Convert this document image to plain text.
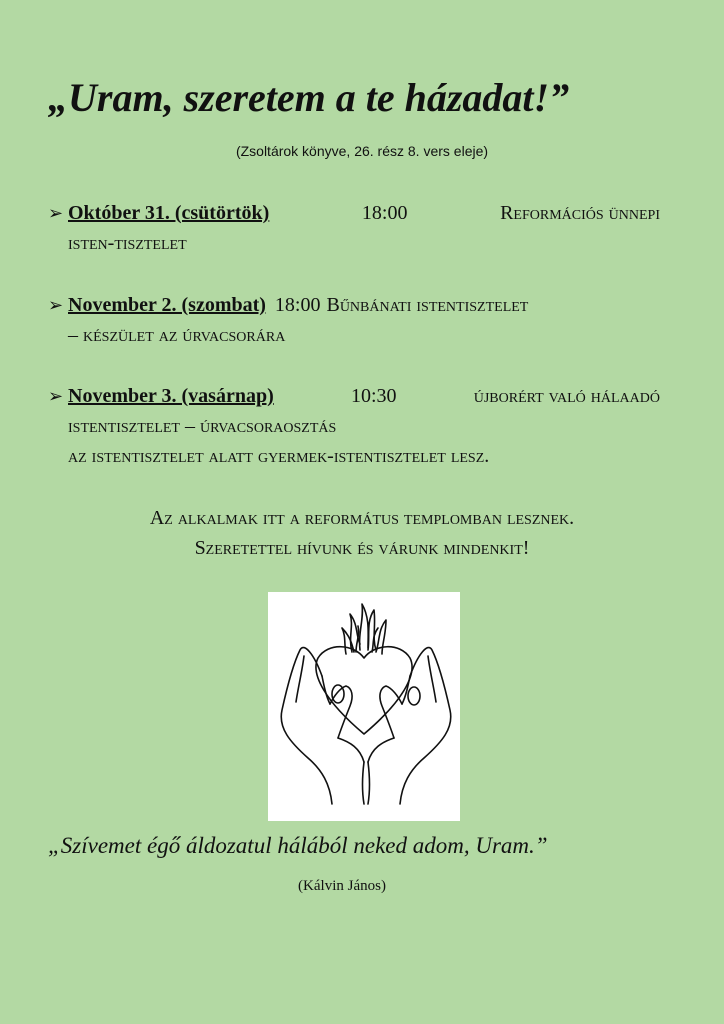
„Uram, szeretem a te házadat!”
(Zsoltárok könyve, 26. rész 8. vers eleje)
➢ Október 31. (csütörtök)	18:00	Reformációs ünnepi
isten-tisztelet
➢ November 2. (szombat) 18:00 Bűnbánati istentisztelet
– készület az úrvacsorára
➢ November 3. (vasárnap)	10:30	újborért való hálaadó
istentisztelet – úrvacsoraosztás
az istentisztelet alatt gyermek-istentisztelet lesz.
Az alkalmak itt a református templomban lesznek.
Szeretettel hívunk és várunk mindenkit!
„Szívemet égő áldozatul hálából neked adom, Uram.”
(Kálvin János)
